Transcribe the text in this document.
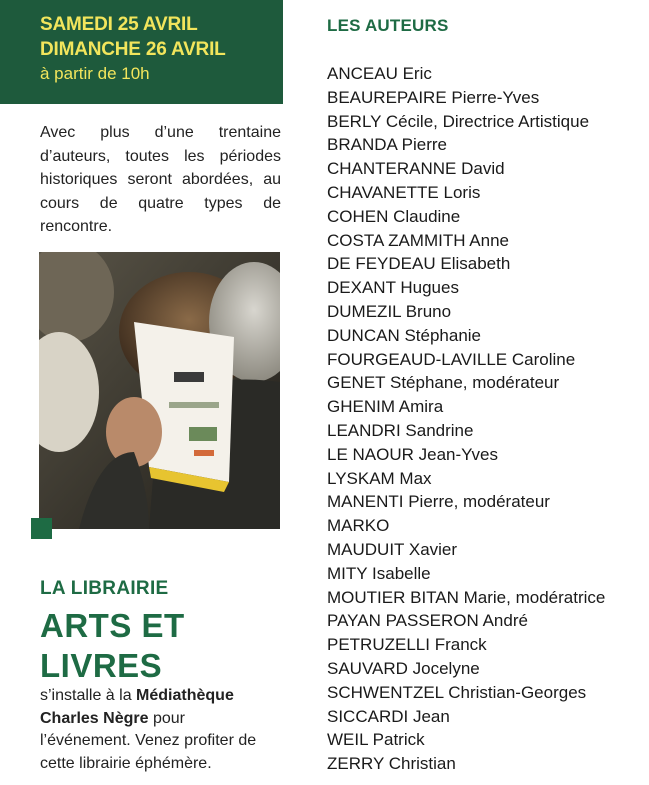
SAMEDI 25 AVRIL
DIMANCHE 26 AVRIL
à partir de 10h
Avec plus d’une trentaine d’auteurs, toutes les périodes historiques seront abordées, au cours de quatre types de rencontre.
LA LIBRAIRIE
ARTS ET
LIVRES
s’installe à la Médiathèque Charles Nègre pour l’événement. Venez profiter de cette librairie éphémère.
LES AUTEURS
ANCEAU Eric
BEAUREPAIRE Pierre-Yves
BERLY Cécile, Directrice Artistique
BRANDA Pierre
CHANTERANNE David
CHAVANETTE Loris
COHEN Claudine
COSTA ZAMMITH Anne
DE FEYDEAU Elisabeth
DEXANT Hugues
DUMEZIL Bruno
DUNCAN Stéphanie
FOURGEAUD-LAVILLE Caroline
GENET Stéphane, modérateur
GHENIM Amira
LEANDRI Sandrine
LE NAOUR Jean-Yves
LYSKAM Max
MANENTI Pierre, modérateur
MARKO
MAUDUIT Xavier
MITY Isabelle
MOUTIER BITAN Marie, modératrice
PAYAN PASSERON André
PETRUZELLI Franck
SAUVARD Jocelyne
SCHWENTZEL Christian-Georges
SICCARDI Jean
WEIL Patrick
ZERRY Christian
